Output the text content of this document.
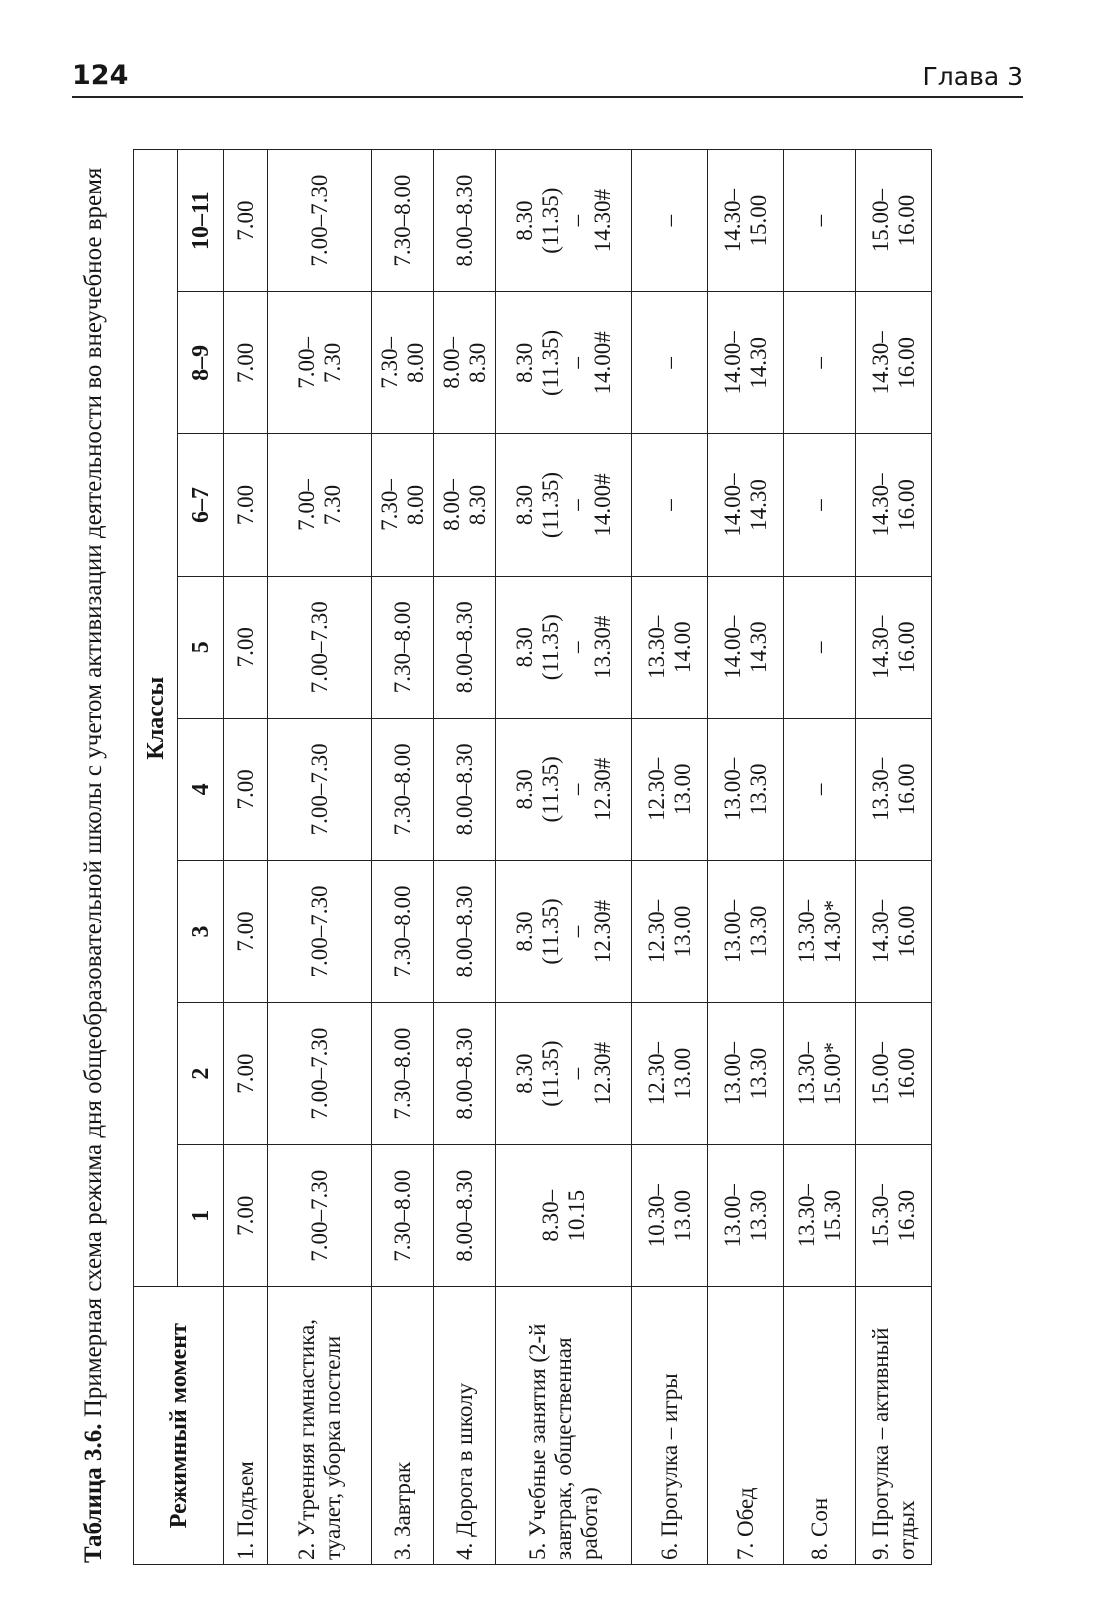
124	Глава 3

Таблица 3.6. Примерная схема режима дня общеобразовательной школы с учетом активизации деятельности во внеучебное время

Режимный момент	Классы							
	1	2	3	4	5	6–7	8–9	10–11
1. Подъем	7.00	7.00	7.00	7.00	7.00	7.00	7.00	7.00

2. Утренняя гимнастика, туалет, уборка постели	7.00–7.30	7.00–7.30	7.00–7.30	7.00–7.30	7.00–7.30	7.00– 7.30	7.00– 7.30	7.00–7.30

3. Завтрак	7.30–8.00	7.30–8.00	7.30–8.00	7.30–8.00	7.30–8.00	7.30– 8.00	7.30– 8.00	7.30–8.00

4. Дорога в школу	8.00–8.30	8.00–8.30	8.00–8.30	8.00–8.30	8.00–8.30	8.00– 8.30	8.00– 8.30	8.00–8.30

5. Учебные занятия (2-й завтрак, общественная работа)	8.30– 10.15	8.30 (11.35) – 12.30#	8.30 (11.35) – 12.30#	8.30 (11.35) – 12.30#	8.30 (11.35) – 13.30#	8.30 (11.35) – 14.00#	8.30 (11.35) – 14.00#	8.30 (11.35) – 14.30#

6. Прогулка – игры	10.30– 13.00	12.30– 13.00	12.30– 13.00	12.30– 13.00	13.30– 14.00	–	–	–

7. Обед	13.00– 13.30	13.00– 13.30	13.00– 13.30	13.00– 13.30	14.00– 14.30	14.00– 14.30	14.00– 14.30	14.30– 15.00

8. Сон	13.30– 15.30	13.30– 15.00*	13.30– 14.30*	–	–	–	–	–

9. Прогулка – активный отдых	15.30– 16.30	15.00– 16.00	14.30– 16.00	13.30– 16.00	14.30– 16.00	14.30– 16.00	14.30– 16.00	15.00– 16.00
